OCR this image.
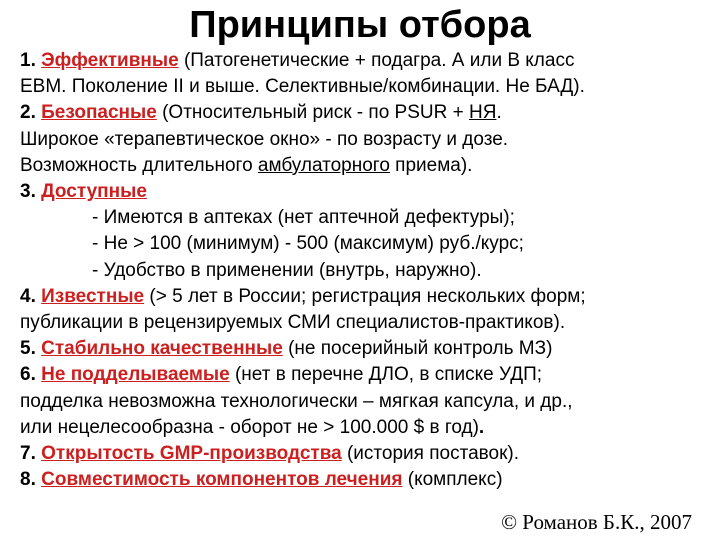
Принципы отбора
1. Эффективные (Патогенетические + подагра. А или В класс
EBM. Поколение II и выше. Селективные/комбинации. Не БАД).
2. Безопасные (Относительный риск - по PSUR + НЯ.
Широкое «терапевтическое окно» - по возрасту и дозе.
Возможность длительного амбулаторного приема).
3. Доступные
- Имеются в аптеках (нет аптечной дефектуры);
- Не > 100 (минимум) - 500 (максимум) руб./курс;
- Удобство в применении (внутрь, наружно).
4. Известные (> 5 лет в России; регистрация нескольких форм;
публикации в рецензируемых СМИ специалистов-практиков).
5. Стабильно качественные (не посерийный контроль МЗ)
6. Не подделываемые (нет в перечне ДЛО, в списке УДП;
подделка невозможна технологически – мягкая капсула, и др.,
или нецелесообразна - оборот не > 100.000 $ в год).
7. Открытость GMP-производства (история поставок).
8. Совместимость компонентов лечения (комплекс)
© Романов Б.К., 2007
